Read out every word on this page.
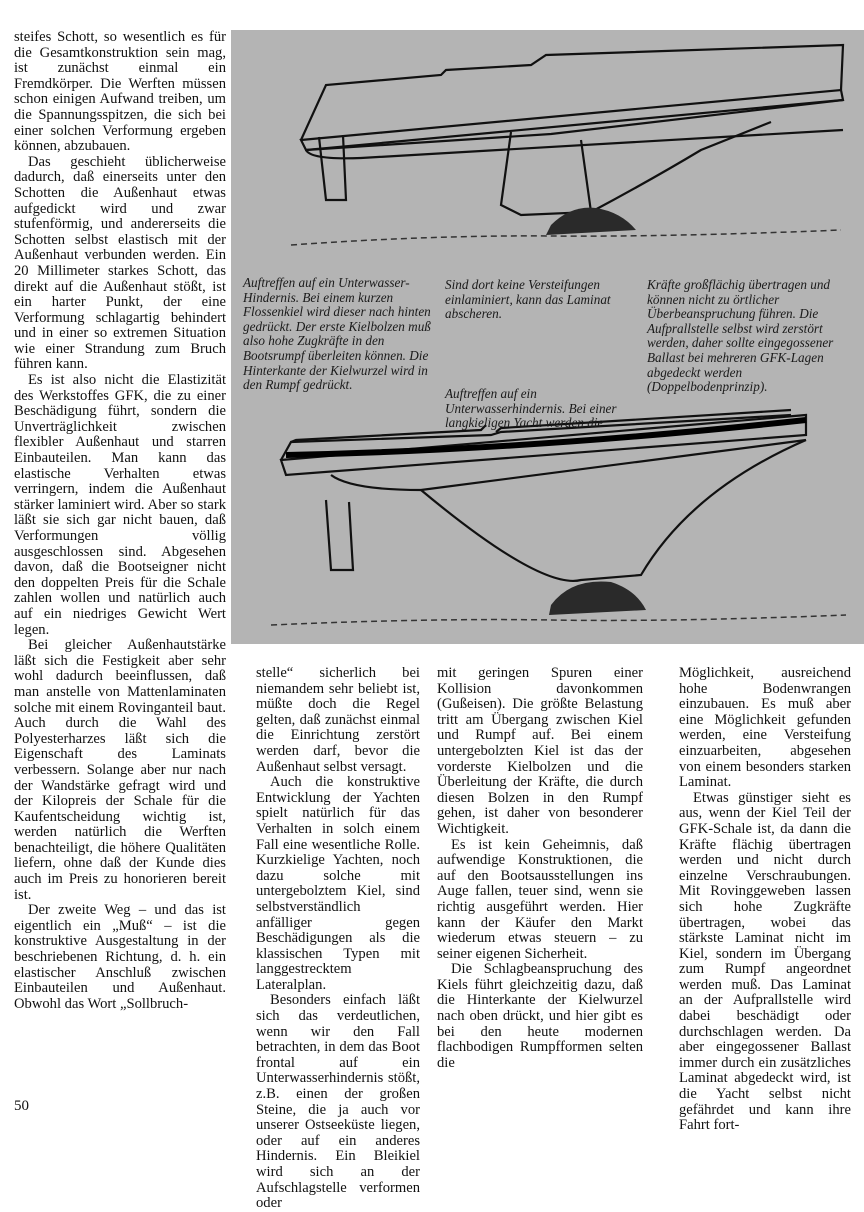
steifes Schott, so wesentlich es für die Gesamtkonstruktion sein mag, ist zunächst einmal ein Fremdkörper. Die Werften müssen schon einigen Aufwand treiben, um die Spannungsspitzen, die sich bei einer solchen Verformung ergeben können, abzubauen.

Das geschieht üblicherweise dadurch, daß einerseits unter den Schotten die Außenhaut etwas aufgedickt wird und zwar stufenförmig, und andererseits die Schotten selbst elastisch mit der Außenhaut verbunden werden. Ein 20 Millimeter starkes Schott, das direkt auf die Außenhaut stößt, ist ein harter Punkt, der eine Verformung schlagartig behindert und in einer so extremen Situation wie einer Strandung zum Bruch führen kann.

Es ist also nicht die Elastizität des Werkstoffes GFK, die zu einer Beschädigung führt, sondern die Unverträglichkeit zwischen flexibler Außenhaut und starren Einbauteilen. Man kann das elastische Verhalten etwas verringern, indem die Außenhaut stärker laminiert wird. Aber so stark läßt sie sich gar nicht bauen, daß Verformungen völlig ausgeschlossen sind. Abgesehen davon, daß die Bootseigner nicht den doppelten Preis für die Schale zahlen wollen und natürlich auch auf ein niedriges Gewicht Wert legen.

Bei gleicher Außenhautstärke läßt sich die Festigkeit aber sehr wohl dadurch beeinflussen, daß man anstelle von Mattenlaminaten solche mit einem Rovinganteil baut. Auch durch die Wahl des Polyesterharzes läßt sich die Eigenschaft des Laminats verbessern. Solange aber nur nach der Wandstärke gefragt wird und der Kilopreis der Schale für die Kaufentscheidung wichtig ist, werden natürlich die Werften benachteiligt, die höhere Qualitäten liefern, ohne daß der Kunde dies auch im Preis zu honorieren bereit ist.

Der zweite Weg – und das ist eigentlich ein „Muß“ – ist die konstruktive Ausgestaltung in der beschriebenen Richtung, d. h. ein elastischer Anschluß zwischen Einbauteilen und Außenhaut. Obwohl das Wort „Sollbruch-

Auftreffen auf ein Unterwasser-Hindernis. Bei einem kurzen Flossenkiel wird dieser nach hinten gedrückt. Der erste Kielbolzen muß also hohe Zugkräfte in den Bootsrumpf überleiten können. Die Hinterkante der Kielwurzel wird in den Rumpf gedrückt.
Sind dort keine Versteifungen einlaminiert, kann das Laminat abscheren.
Auftreffen auf ein Unterwasserhindernis. Bei einer langkieligen Yacht werden die
Kräfte großflächig übertragen und können nicht zu örtlicher Überbeanspruchung führen. Die Aufprallstelle selbst wird zerstört werden, daher sollte eingegossener Ballast bei mehreren GFK-Lagen abgedeckt werden (Doppelbodenprinzip).

stelle“ sicherlich bei niemandem sehr beliebt ist, müßte doch die Regel gelten, daß zunächst einmal die Einrichtung zerstört werden darf, bevor die Außenhaut selbst versagt.

Auch die konstruktive Entwicklung der Yachten spielt natürlich für das Verhalten in solch einem Fall eine wesentliche Rolle. Kurzkielige Yachten, noch dazu solche mit untergebolztem Kiel, sind selbstverständlich anfälliger gegen Beschädigungen als die klassischen Typen mit langgestrecktem Lateralplan.

Besonders einfach läßt sich das verdeutlichen, wenn wir den Fall betrachten, in dem das Boot frontal auf ein Unterwasserhindernis stößt, z.B. einen der großen Steine, die ja auch vor unserer Ostseeküste liegen, oder auf ein anderes Hindernis. Ein Bleikiel wird sich an der Aufschlagstelle verformen oder

mit geringen Spuren einer Kollision davonkommen (Gußeisen). Die größte Belastung tritt am Übergang zwischen Kiel und Rumpf auf. Bei einem untergebolzten Kiel ist das der vorderste Kielbolzen und die Überleitung der Kräfte, die durch diesen Bolzen in den Rumpf gehen, ist daher von besonderer Wichtigkeit.

Es ist kein Geheimnis, daß aufwendige Konstruktionen, die auf den Bootsausstellungen ins Auge fallen, teuer sind, wenn sie richtig ausgeführt werden. Hier kann der Käufer den Markt wiederum etwas steuern – zu seiner eigenen Sicherheit.

Die Schlagbeanspruchung des Kiels führt gleichzeitig dazu, daß die Hinterkante der Kielwurzel nach oben drückt, und hier gibt es bei den heute modernen flachbodigen Rumpfformen selten die

Möglichkeit, ausreichend hohe Bodenwrangen einzubauen. Es muß aber eine Möglichkeit gefunden werden, eine Versteifung einzuarbeiten, abgesehen von einem besonders starken Laminat.

Etwas günstiger sieht es aus, wenn der Kiel Teil der GFK-Schale ist, da dann die Kräfte flächig übertragen werden und nicht durch einzelne Verschraubungen. Mit Rovinggeweben lassen sich hohe Zugkräfte übertragen, wobei das stärkste Laminat nicht im Kiel, sondern im Übergang zum Rumpf angeordnet werden muß. Das Laminat an der Aufprallstelle wird dabei beschädigt oder durchschlagen werden. Da aber eingegossener Ballast immer durch ein zusätzliches Laminat abgedeckt wird, ist die Yacht selbst nicht gefährdet und kann ihre Fahrt fort-

50
